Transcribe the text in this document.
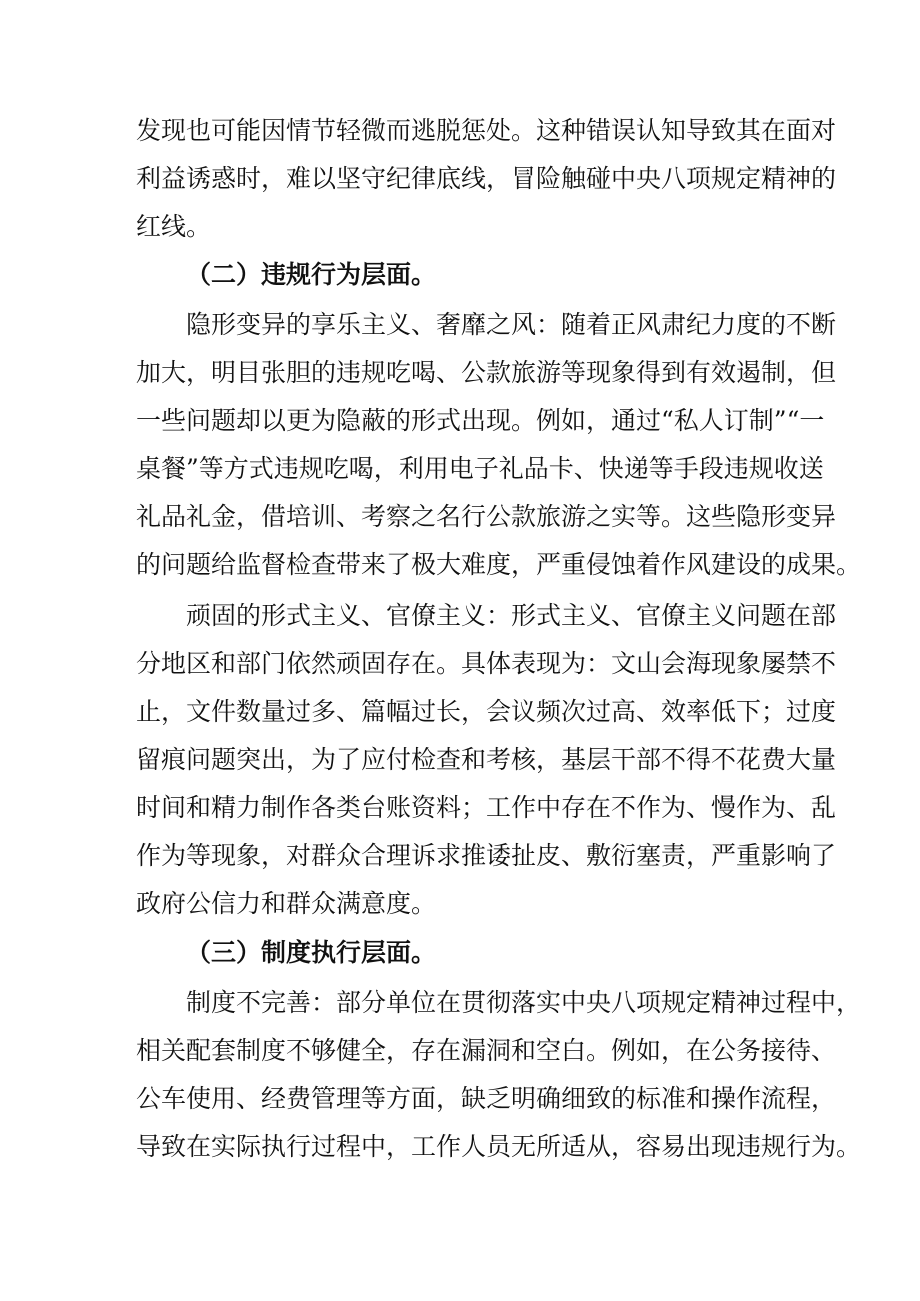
发现也可能因情节轻微而逃脱惩处。这种错误认知导致其在面对
利益诱惑时，难以坚守纪律底线，冒险触碰中央八项规定精神的
红线。
（二）违规行为层面。
隐形变异的享乐主义、奢靡之风：随着正风肃纪力度的不断
加大，明目张胆的违规吃喝、公款旅游等现象得到有效遏制，但
一些问题却以更为隐蔽的形式出现。例如，通过“私人订制”“一
桌餐”等方式违规吃喝，利用电子礼品卡、快递等手段违规收送
礼品礼金，借培训、考察之名行公款旅游之实等。这些隐形变异
的问题给监督检查带来了极大难度，严重侵蚀着作风建设的成果。
顽固的形式主义、官僚主义：形式主义、官僚主义问题在部
分地区和部门依然顽固存在。具体表现为：文山会海现象屡禁不
止，文件数量过多、篇幅过长，会议频次过高、效率低下；过度
留痕问题突出，为了应付检查和考核，基层干部不得不花费大量
时间和精力制作各类台账资料；工作中存在不作为、慢作为、乱
作为等现象，对群众合理诉求推诿扯皮、敷衍塞责，严重影响了
政府公信力和群众满意度。
（三）制度执行层面。
制度不完善：部分单位在贯彻落实中央八项规定精神过程中，
相关配套制度不够健全，存在漏洞和空白。例如，在公务接待、
公车使用、经费管理等方面，缺乏明确细致的标准和操作流程，
导致在实际执行过程中，工作人员无所适从，容易出现违规行为。
